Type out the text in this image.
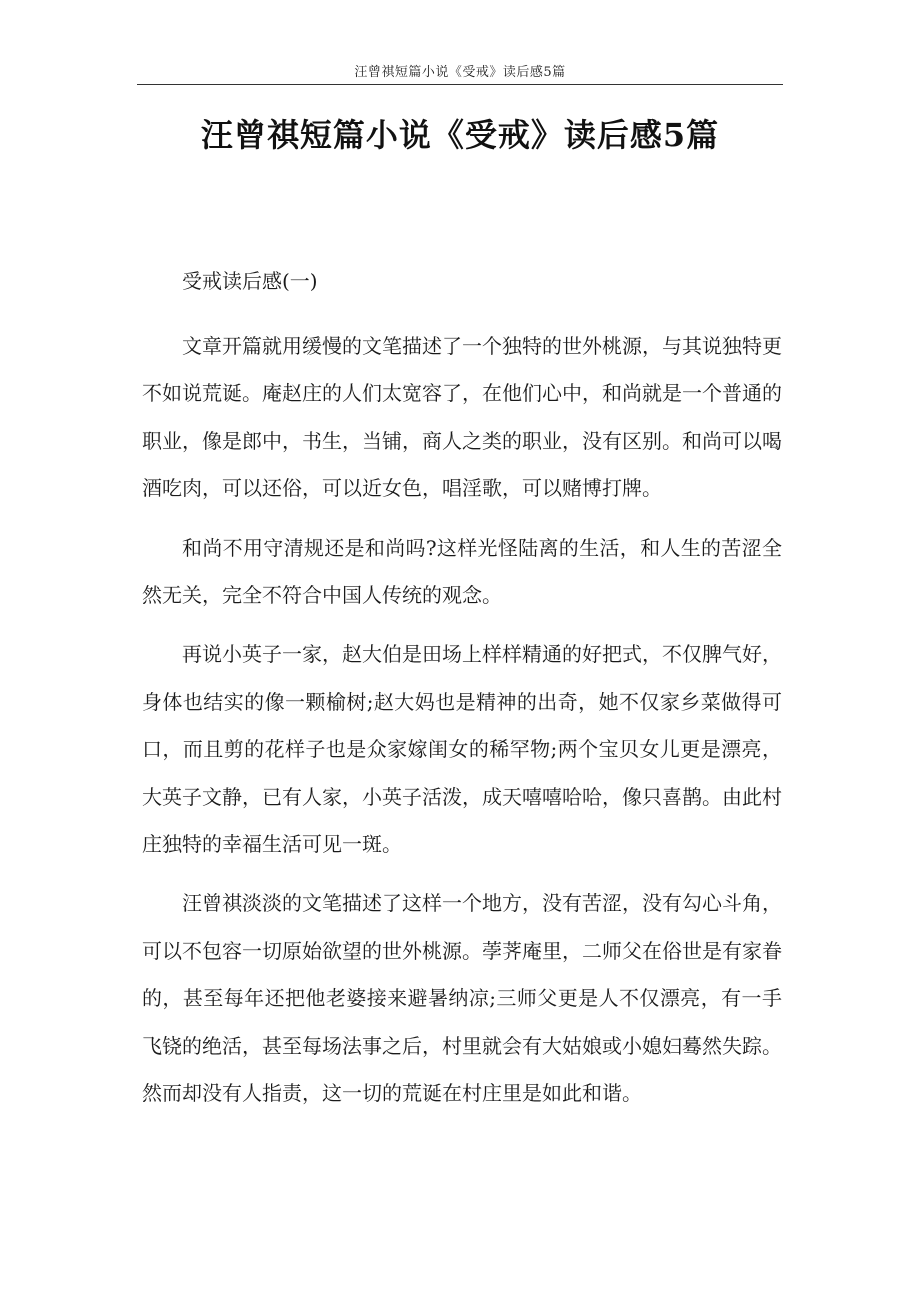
汪曾祺短篇小说《受戒》读后感5篇
汪曾祺短篇小说《受戒》读后感5篇

受戒读后感(一)

文章开篇就用缓慢的文笔描述了一个独特的世外桃源，与其说独特更不如说荒诞。庵赵庄的人们太宽容了，在他们心中，和尚就是一个普通的职业，像是郎中，书生，当铺，商人之类的职业，没有区别。和尚可以喝酒吃肉，可以还俗，可以近女色，唱淫歌，可以赌博打牌。

和尚不用守清规还是和尚吗?这样光怪陆离的生活，和人生的苦涩全然无关，完全不符合中国人传统的观念。

再说小英子一家，赵大伯是田场上样样精通的好把式，不仅脾气好，身体也结实的像一颗榆树;赵大妈也是精神的出奇，她不仅家乡菜做得可口，而且剪的花样子也是众家嫁闺女的稀罕物;两个宝贝女儿更是漂亮，大英子文静，已有人家，小英子活泼，成天嘻嘻哈哈，像只喜鹊。由此村庄独特的幸福生活可见一斑。

汪曾祺淡淡的文笔描述了这样一个地方，没有苦涩，没有勾心斗角，可以不包容一切原始欲望的世外桃源。荸荠庵里，二师父在俗世是有家眷的，甚至每年还把他老婆接来避暑纳凉;三师父更是人不仅漂亮，有一手飞铙的绝活，甚至每场法事之后，村里就会有大姑娘或小媳妇蓦然失踪。然而却没有人指责，这一切的荒诞在村庄里是如此和谐。
